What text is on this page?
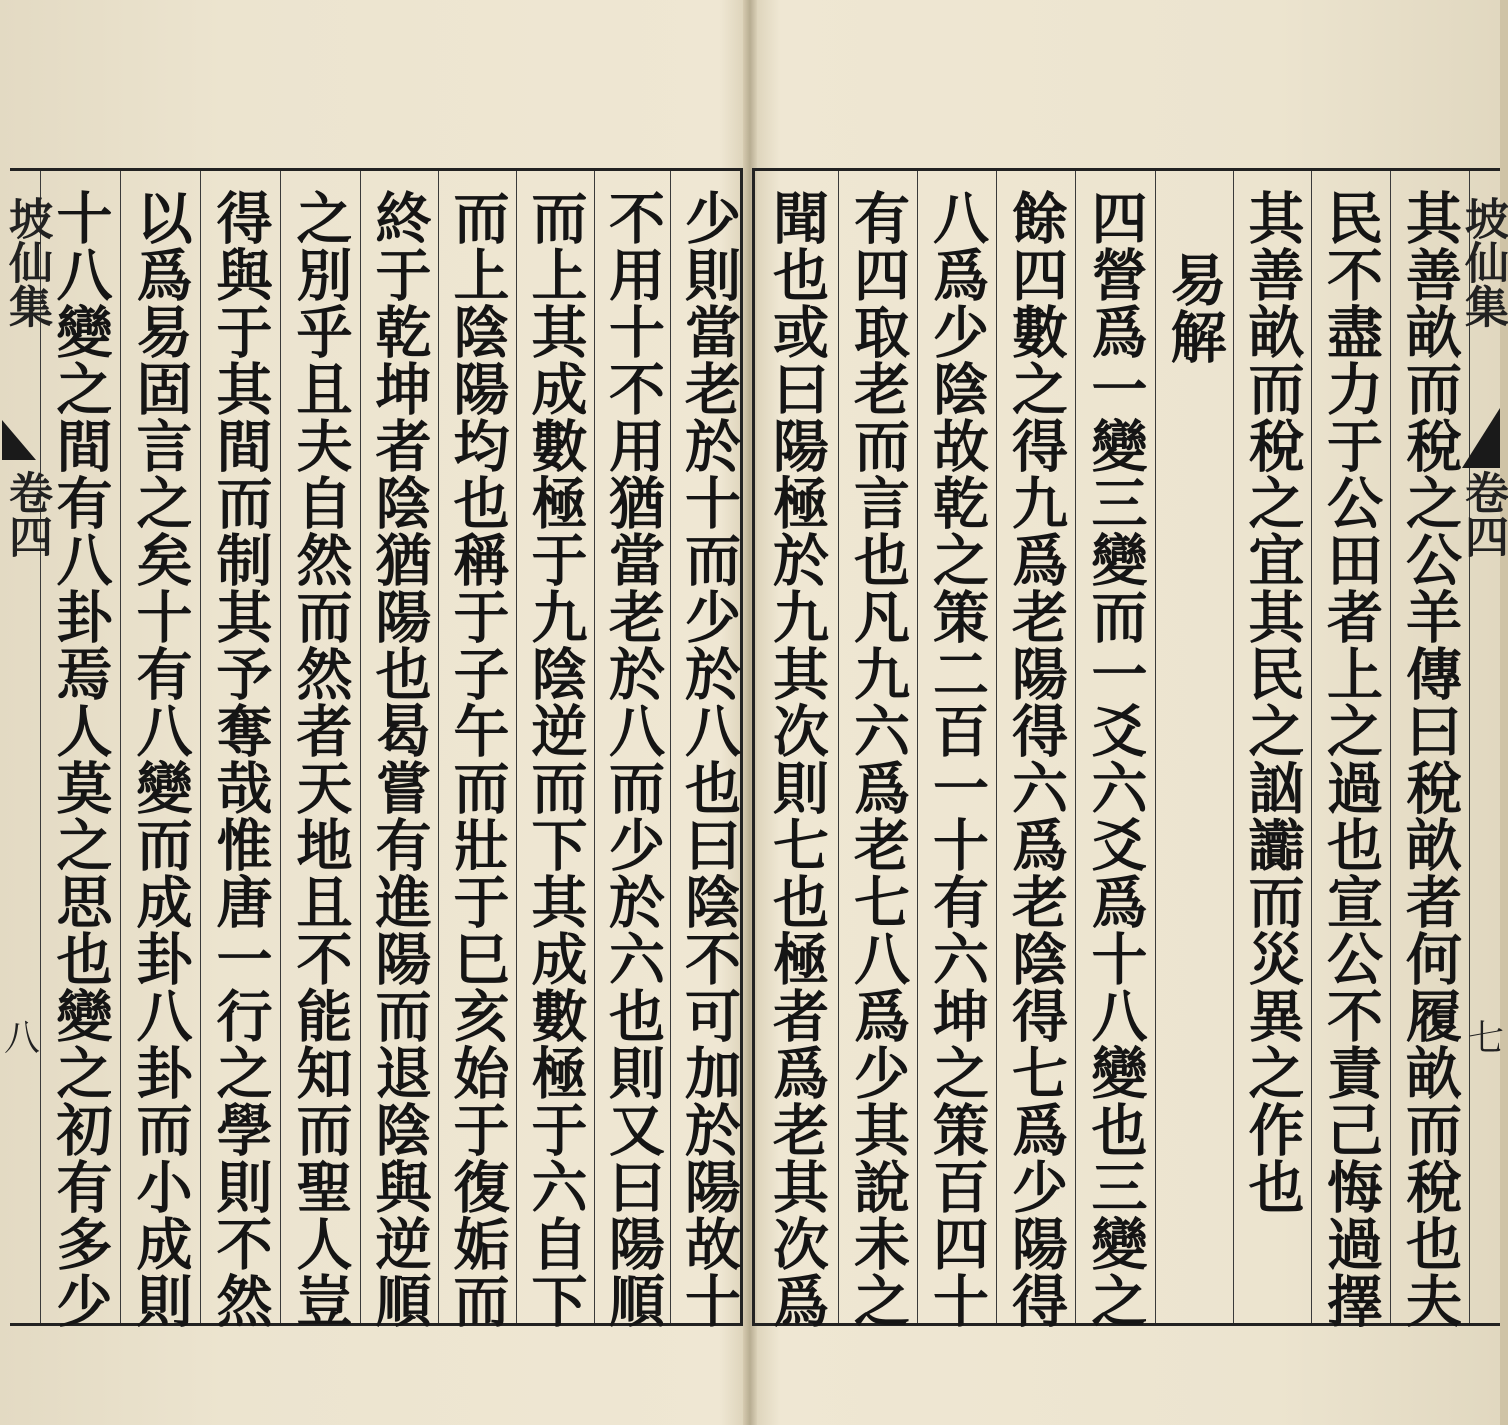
聞也或曰陽極於九其次則七也極者爲老其次爲 有四取老而言也凡九六爲老七八爲少其說未之 八爲少陰故乾之策二百一十有六坤之策百四十 餘四數之得九爲老陽得六爲老陰得七爲少陽得 四營爲一變三變而一爻六爻爲十八變也三變之 易解 其善畝而稅之宜其民之訩讟而災異之作也 民不盡力于公田者上之過也宣公不責己悔過擇 其善畝而稅之公羊傳曰稅畝者何履畝而稅也夫
坡仙集
卷四
七
十八變之間有八卦焉人莫之思也變之初有多少 以爲易固言之矣十有八變而成卦八卦而小成則 得與于其間而制其予奪哉惟唐一行之學則不然 之別乎且夫自然而然者天地且不能知而聖人豈 終于乾坤者陰猶陽也曷嘗有進陽而退陰與逆順 而上陰陽均也稱于子午而壯于巳亥始于復姤而 而上其成數極于九陰逆而下其成數極于六自下 不用十不用猶當老於八而少於六也則又曰陽順 少則當老於十而少於八也曰陰不可加於陽故十
坡仙集
卷四
八
